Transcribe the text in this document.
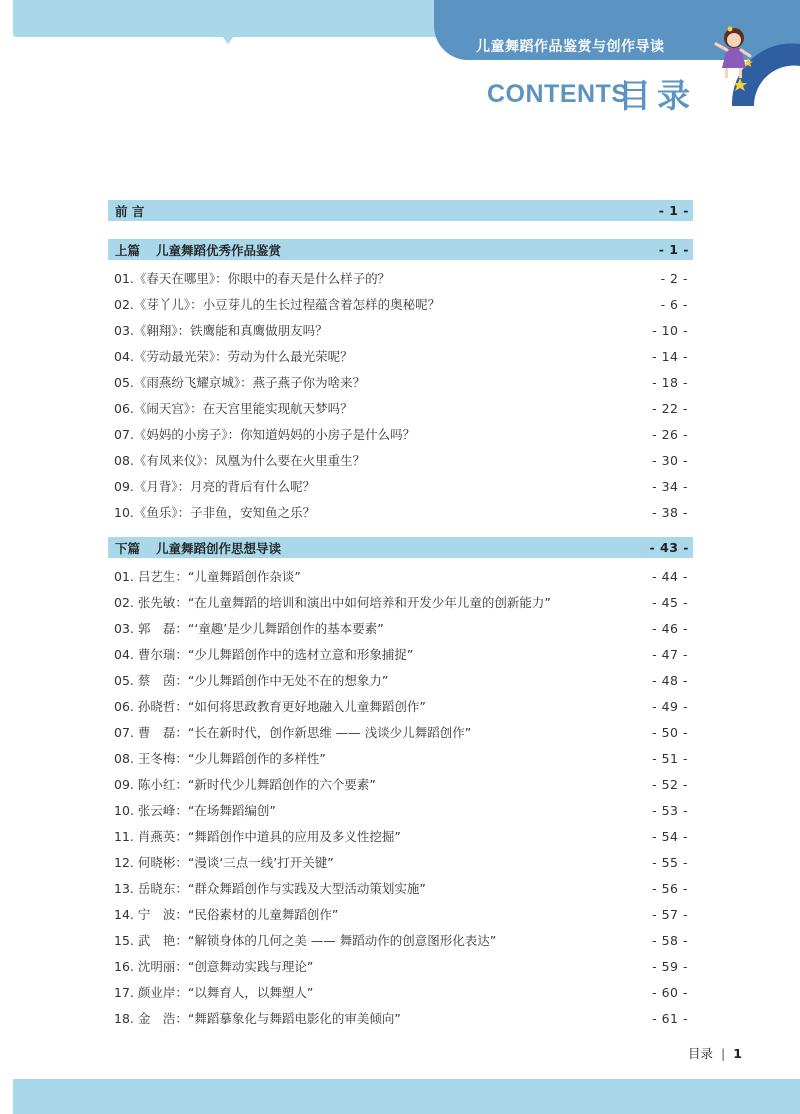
儿童舞蹈作品鉴赏与创作导读
CONTENTS
目录
前 言	- 1 -
上篇 儿童舞蹈优秀作品鉴赏	- 1 -
01.《春天在哪里》：你眼中的春天是什么样子的？	- 2 -
02.《芽丫儿》：小豆芽儿的生长过程蕴含着怎样的奥秘呢？	- 6 -
03.《翱翔》：铁鹰能和真鹰做朋友吗？	- 10 -
04.《劳动最光荣》：劳动为什么最光荣呢？	- 14 -
05.《雨燕纷飞耀京城》：燕子燕子你为啥来？	- 18 -
06.《闹天宫》：在天宫里能实现航天梦吗？	- 22 -
07.《妈妈的小房子》：你知道妈妈的小房子是什么吗？	- 26 -
08.《有凤来仪》：凤凰为什么要在火里重生？	- 30 -
09.《月背》：月亮的背后有什么呢？	- 34 -
10.《鱼乐》：子非鱼，安知鱼之乐？	- 38 -
下篇 儿童舞蹈创作思想导读	- 43 -
01. 吕艺生：“儿童舞蹈创作杂谈”	- 44 -
02. 张先敏：“在儿童舞蹈的培训和演出中如何培养和开发少年儿童的创新能力”	- 45 -
03. 郭　磊：“‘童趣’是少儿舞蹈创作的基本要素”	- 46 -
04. 曹尔瑞：“少儿舞蹈创作中的选材立意和形象捕捉”	- 47 -
05. 蔡　茵：“少儿舞蹈创作中无处不在的想象力”	- 48 -
06. 孙晓哲：“如何将思政教育更好地融入儿童舞蹈创作”	- 49 -
07. 曹　磊：“长在新时代，创作新思维 —— 浅谈少儿舞蹈创作”	- 50 -
08. 王冬梅：“少儿舞蹈创作的多样性”	- 51 -
09. 陈小红：“新时代少儿舞蹈创作的六个要素”	- 52 -
10. 张云峰：“在场舞蹈编创”	- 53 -
11. 肖燕英：“舞蹈创作中道具的应用及多义性挖掘”	- 54 -
12. 何晓彬：“漫谈‘三点一线’打开关键”	- 55 -
13. 岳晓东：“群众舞蹈创作与实践及大型活动策划实施”	- 56 -
14. 宁　波：“民俗素材的儿童舞蹈创作”	- 57 -
15. 武　艳：“解锁身体的几何之美 —— 舞蹈动作的创意图形化表达”	- 58 -
16. 沈明丽：“创意舞动实践与理论”	- 59 -
17. 颜业岸：“以舞育人，以舞塑人”	- 60 -
18. 金　浩：“舞蹈摹象化与舞蹈电影化的审美倾向”	- 61 -
目录 | 1
